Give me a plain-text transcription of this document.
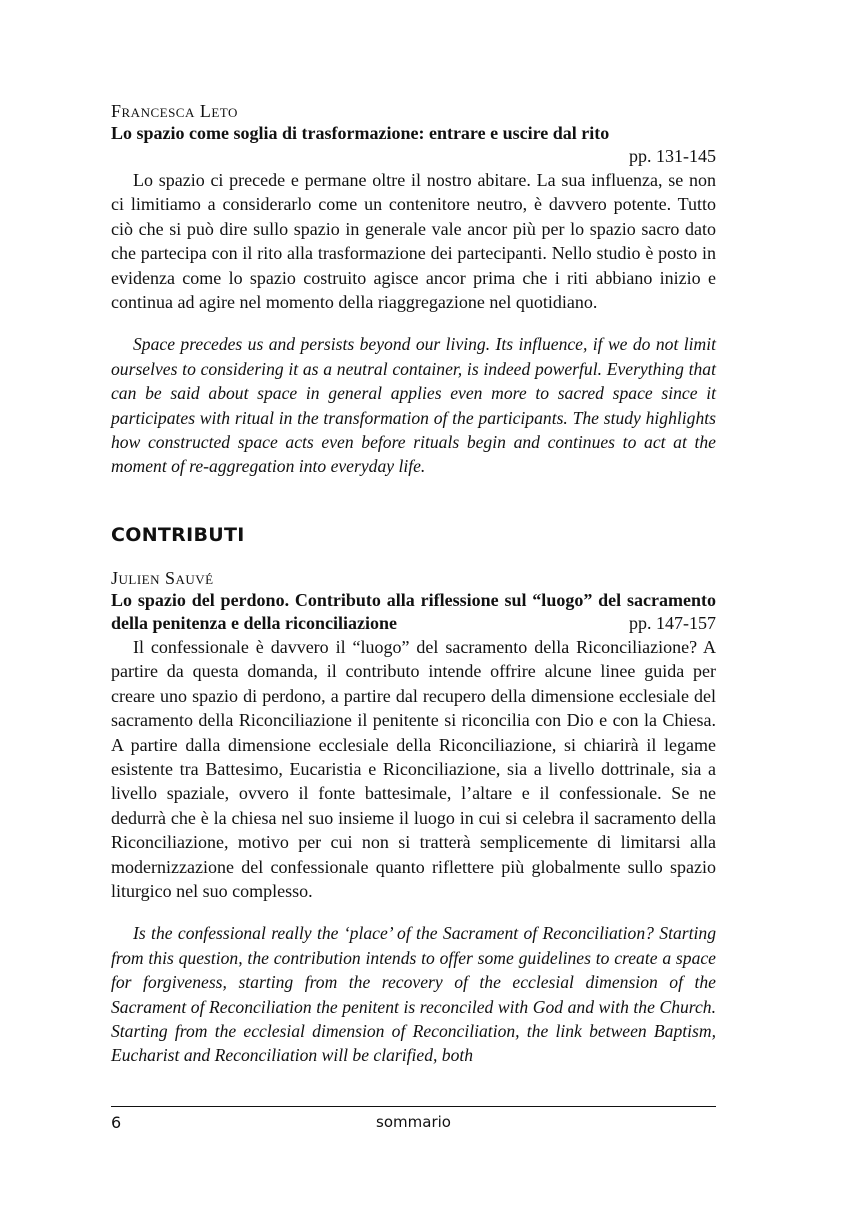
Francesca Leto

Lo spazio come soglia di trasformazione: entrare e uscire dal rito

pp. 131-145

Lo spazio ci precede e permane oltre il nostro abitare. La sua influenza, se non ci limitiamo a considerarlo come un contenitore neutro, è davvero potente. Tutto ciò che si può dire sullo spazio in generale vale ancor più per lo spazio sacro dato che partecipa con il rito alla trasformazione dei partecipanti. Nello studio è posto in evidenza come lo spazio costruito agisce ancor prima che i riti abbiano inizio e continua ad agire nel momento della riaggregazione nel quotidiano.

Space precedes us and persists beyond our living. Its influence, if we do not limit ourselves to considering it as a neutral container, is indeed powerful. Everything that can be said about space in general applies even more to sacred space since it participates with ritual in the transformation of the participants. The study highlights how constructed space acts even before rituals begin and continues to act at the moment of re-aggregation into everyday life.

CONTRIBUTI

Julien Sauvé

Lo spazio del perdono. Contributo alla riflessione sul “luogo” del sacramento della penitenza e della riconciliazione	pp. 147-157

Il confessionale è davvero il “luogo” del sacramento della Riconciliazione? A partire da questa domanda, il contributo intende offrire alcune linee guida per creare uno spazio di perdono, a partire dal recupero della dimensione ecclesiale del sacramento della Riconciliazione il penitente si riconcilia con Dio e con la Chiesa. A partire dalla dimensione ecclesiale della Riconciliazione, si chiarirà il legame esistente tra Battesimo, Eucaristia e Riconciliazione, sia a livello dottrinale, sia a livello spaziale, ovvero il fonte battesimale, l’altare e il confessionale. Se ne dedurrà che è la chiesa nel suo insieme il luogo in cui si celebra il sacramento della Riconciliazione, motivo per cui non si tratterà semplicemente di limitarsi alla modernizzazione del confessionale quanto riflettere più globalmente sullo spazio liturgico nel suo complesso.

Is the confessional really the ‘place’ of the Sacrament of Reconciliation? Starting from this question, the contribution intends to offer some guidelines to create a space for forgiveness, starting from the recovery of the ecclesial dimension of the Sacrament of Reconciliation the penitent is reconciled with God and with the Church. Starting from the ecclesial dimension of Reconciliation, the link between Baptism, Eucharist and Reconciliation will be clarified, both

6	sommario
